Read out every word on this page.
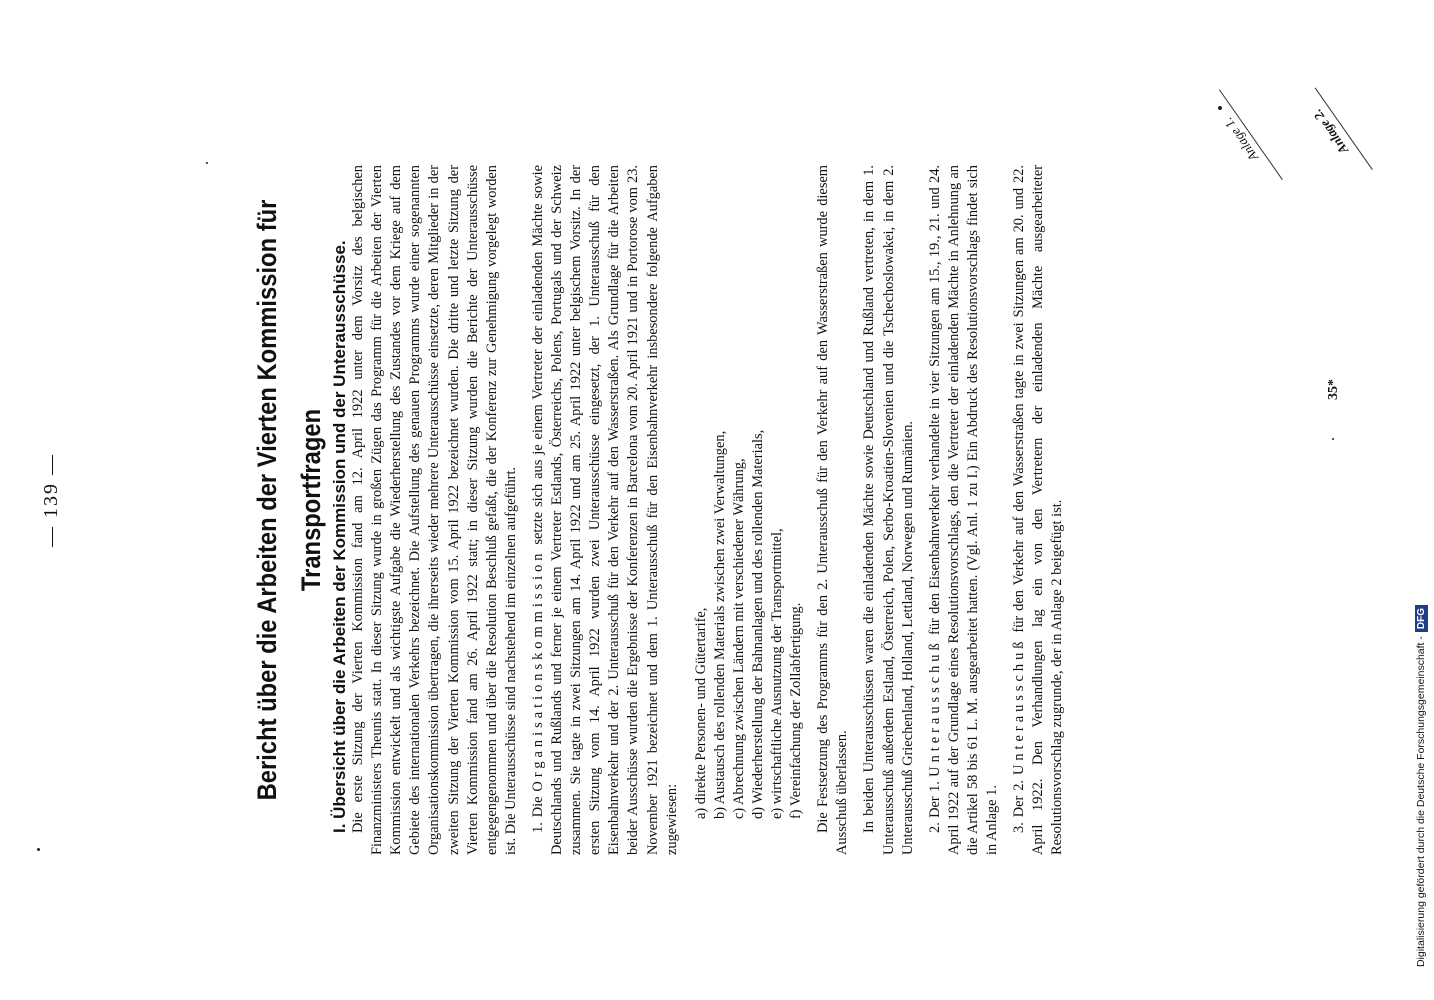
— 139 —	Bericht über die Arbeiten der Vierten Kommission für Transportfragen I. Übersicht über die Arbeiten der Kommission und der Unterausschüsse. Die erste Sitzung der Vierten Kommission fand am 12. April 1922 unter dem Vorsitz des belgischen Finanzministers Theunis statt. In dieser Sitzung wurde in großen Zügen das Programm für die Arbeiten der Vierten Kommission entwickelt und als wichtigste Aufgabe die Wiederherstellung des Zustandes vor dem Kriege auf dem Gebiete des internationalen Verkehrs bezeichnet. Die Aufstellung des genauen Programms wurde einer sogenannten Organisationskommission übertragen, die ihrerseits wieder mehrere Unterausschüsse einsetzte, deren Mitglieder in der zweiten Sitzung der Vierten Kommission vom 15. April 1922 bezeichnet wurden. Die dritte und letzte Sitzung der Vierten Kommission fand am 26. April 1922 statt; in dieser Sitzung wurden die Berichte der Unterausschüsse entgegengenommen und über die Resolution Beschluß gefaßt, die der Konferenz zur Genehmigung vorgelegt worden ist. Die Unterausschüsse sind nachstehend im einzelnen aufgeführt. 1. Die Organisationskommission setzte sich aus je einem Vertreter der einladenden Mächte sowie Deutschlands und Rußlands und ferner je einem Vertreter Estlands, Österreichs, Polens, Portugals und der Schweiz zusammen. Sie tagte in zwei Sitzungen am 14. April 1922 und am 25. April 1922 unter belgischem Vorsitz. In der ersten Sitzung vom 14. April 1922 wurden zwei Unterausschüsse eingesetzt, der 1. Unterausschuß für den Eisenbahnverkehr und der 2. Unterausschuß für den Verkehr auf den Wasserstraßen. Als Grundlage für die Arbeiten beider Ausschüsse wurden die Ergebnisse der Konferenzen in Barcelona vom 20. April 1921 und in Portorose vom 23. November 1921 bezeichnet und dem 1. Unterausschuß für den Eisenbahnverkehr insbesondere folgende Aufgaben zugewiesen:

a) direkte Personen- und Gütertarife, b) Austausch des rollenden Materials zwischen zwei Verwaltungen, c) Abrechnung zwischen Ländern mit verschiedener Währung, d) Wiederherstellung der Bahnanlagen und des rollenden Materials, e) wirtschaftliche Ausnutzung der Transportmittel, f) Vereinfachung der Zollabfertigung. Die Festsetzung des Programms für den 2. Unterausschuß für den Verkehr auf den Wasserstraßen wurde diesem Ausschuß überlassen. In beiden Unterausschüssen waren die einladenden Mächte sowie Deutschland und Rußland vertreten, in dem 1. Unterausschuß außerdem Estland, Österreich, Polen, Serbo-Kroatien-Slovenien und die Tschechoslowakei, in dem 2. Unterausschuß Griechenland, Holland, Lettland, Norwegen und Rumänien. 2. Der 1. Unterausschuß für den Eisenbahnverkehr verhandelte in vier Sitzungen am 15., 19., 21. und 24. April 1922 auf der Grundlage eines Resolutionsvorschlags, den die Vertreter der einladenden Mächte in Anlehnung an die Artikel 58 bis 61 L. M. ausgearbeitet hatten. (Vgl. Anl. 1 zu I.) Ein Abdruck des Resolutionsvorschlags findet sich in Anlage 1. 3. Der 2. Unterausschuß für den Verkehr auf den Wasserstraßen tagte in zwei Sitzungen am 20. und 22. April 1922. Den Verhandlungen lag ein von den Vertretern der einladenden Mächte ausgearbeiteter Resolutionsvorschlag zugrunde, der in Anlage 2 beigefügt ist.

35*
Anlage 1.	Anlage 2.
Digitalisierung gefördert durch die Deutsche Forschungsgemeinschaft -
DFG
